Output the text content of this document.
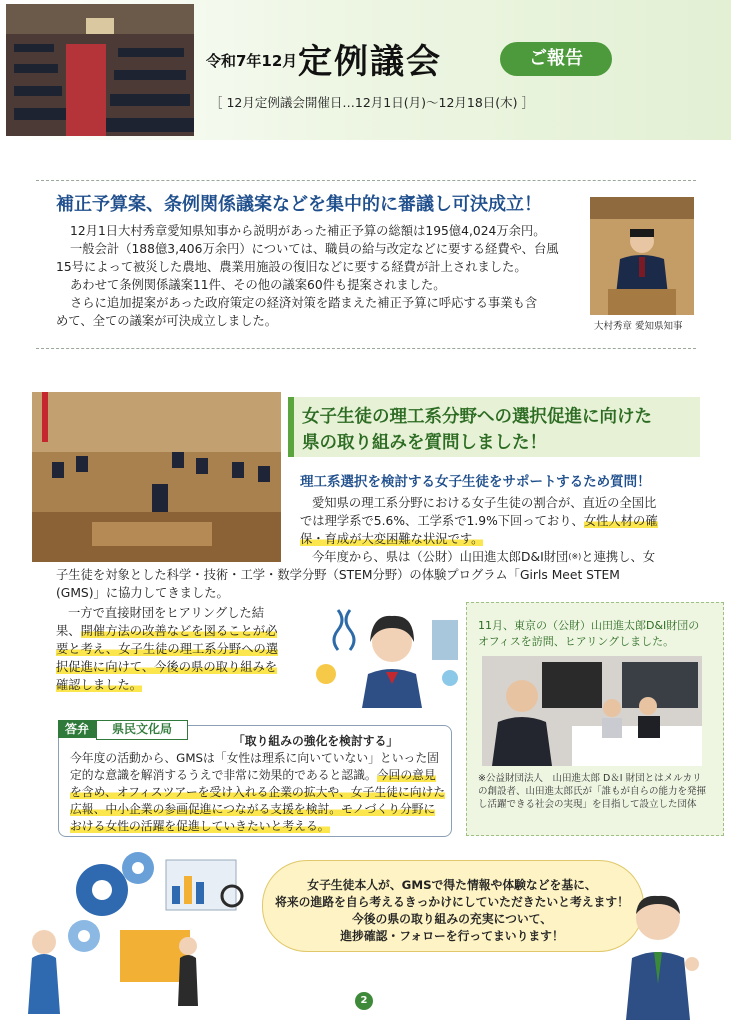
令和7年12月 定例議会	ご報告
［ 12月定例議会開催日…12月1日(月)～12月18日(木) ］
補正予算案、条例関係議案などを集中的に審議し可決成立！
12月1日大村秀章愛知県知事から説明があった補正予算の総額は195億4,024万余円。
一般会計（188億3,406万余円）については、職員の給与改定などに要する経費や、台風
15号によって被災した農地、農業用施設の復旧などに要する経費が計上されました。
あわせて条例関係議案11件、その他の議案60件も提案されました。
さらに追加提案があった政府策定の経済対策を踏まえた補正予算に呼応する事業も含
めて、全ての議案が可決成立しました。	大村秀章 愛知県知事
女子生徒の理工系分野への選択促進に向けた
県の取り組みを質問しました！
理工系選択を検討する女子生徒をサポートするため質問！
愛知県の理工系分野における女子生徒の割合が、直近の全国比
では理学系で5.6%、工学系で1.9%下回っており、女性人材の確
保・育成が大変困難な状況です。
今年度から、県は（公財）山田進太郎D&I財団(※)と連携し、女
子生徒を対象とした科学・技術・工学・数学分野（STEM分野）の体験プログラム「Girls Meet STEM
(GMS)」に協力してきました。
一方で直接財団をヒアリングした結
果、開催方法の改善などを図ることが必
要と考え、女子生徒の理工系分野への選
択促進に向けて、今後の県の取り組みを
確認しました。
答弁	県民文化局
「取り組みの強化を検討する」
今年度の活動から、GMSは「女性は理系に向いていない」といった固
定的な意識を解消するうえで非常に効果的であると認識。今回の意見
を含め、オフィスツアーを受け入れる企業の拡大や、女子生徒に向けた
広報、中小企業の参画促進につながる支援を検討。モノづくり分野に
おける女性の活躍を促進していきたいと考える。
11月、東京の（公財）山田進太郎D&I財団のオフィスを訪問、ヒアリングしました。
※公益財団法人　山田進太郎 D＆I 財団とはメルカリの創設者、山田進太郎氏が「誰もが自らの能力を発揮し活躍できる社会の実現」を目指して設立した団体
女子生徒本人が、GMSで得た情報や体験などを基に、
将来の進路を自ら考えるきっかけにしていただきたいと考えます！
今後の県の取り組みの充実について、
進捗確認・フォローを行ってまいります！
2
